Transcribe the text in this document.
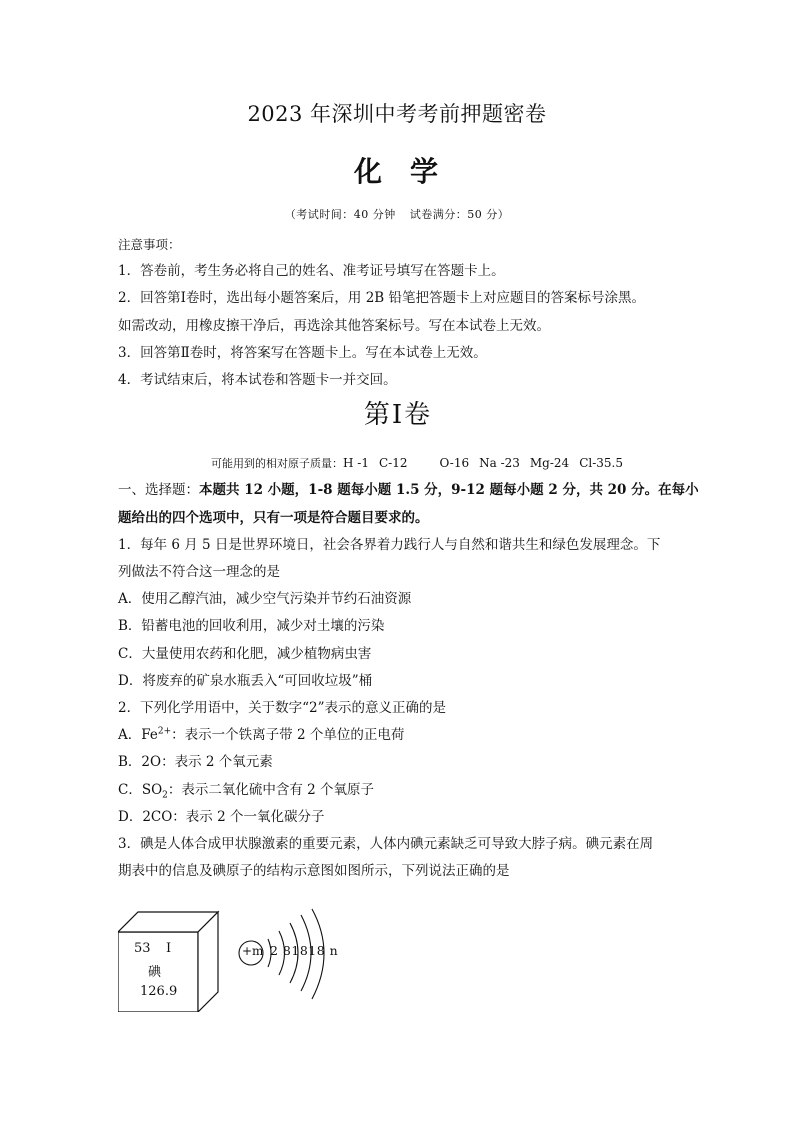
2023 年深圳中考考前押题密卷
化 学
（考试时间：40 分钟 试卷满分：50 分）

注意事项：

1．答卷前，考生务必将自己的姓名、准考证号填写在答题卡上。

2．回答第Ⅰ卷时，选出每小题答案后，用 2B 铅笔把答题卡上对应题目的答案标号涂黑。

如需改动，用橡皮擦干净后，再选涂其他答案标号。写在本试卷上无效。

3．回答第Ⅱ卷时，将答案写在答题卡上。写在本试卷上无效。

4．考试结束后，将本试卷和答题卡一并交回。

第Ⅰ卷

可能用到的相对原子质量：H -1 C-12	O-16 Na -23 Mg-24 Cl-35.5

一、选择题：本题共 12 小题，1-8 题每小题 1.5 分，9-12 题每小题 2 分，共 20 分。在每小

题给出的四个选项中，只有一项是符合题目要求的。

1．每年 6 月 5 日是世界环境日，社会各界着力践行人与自然和谐共生和绿色发展理念。下

列做法不符合这一理念的是

A．使用乙醇汽油，减少空气污染并节约石油资源

B．铅蓄电池的回收利用，减少对土壤的污染

C．大量使用农药和化肥，减少植物病虫害

D．将废弃的矿泉水瓶丢入“可回收垃圾”桶

2．下列化学用语中，关于数字“2”表示的意义正确的是

A．$Fe^{2+}$：表示一个铁离子带 2 个单位的正电荷

B．2O：表示 2 个氧元素

C．$SO_2$：表示二氧化硫中含有 2 个氧原子

D．2CO：表示 2 个一氧化碳分子

3．碘是人体合成甲状腺激素的重要元素，人体内碘元素缺乏可导致大脖子病。碘元素在周

期表中的信息及碘原子的结构示意图如图所示，下列说法正确的是

53 I
碘
126.9
+m 2 81818 n
